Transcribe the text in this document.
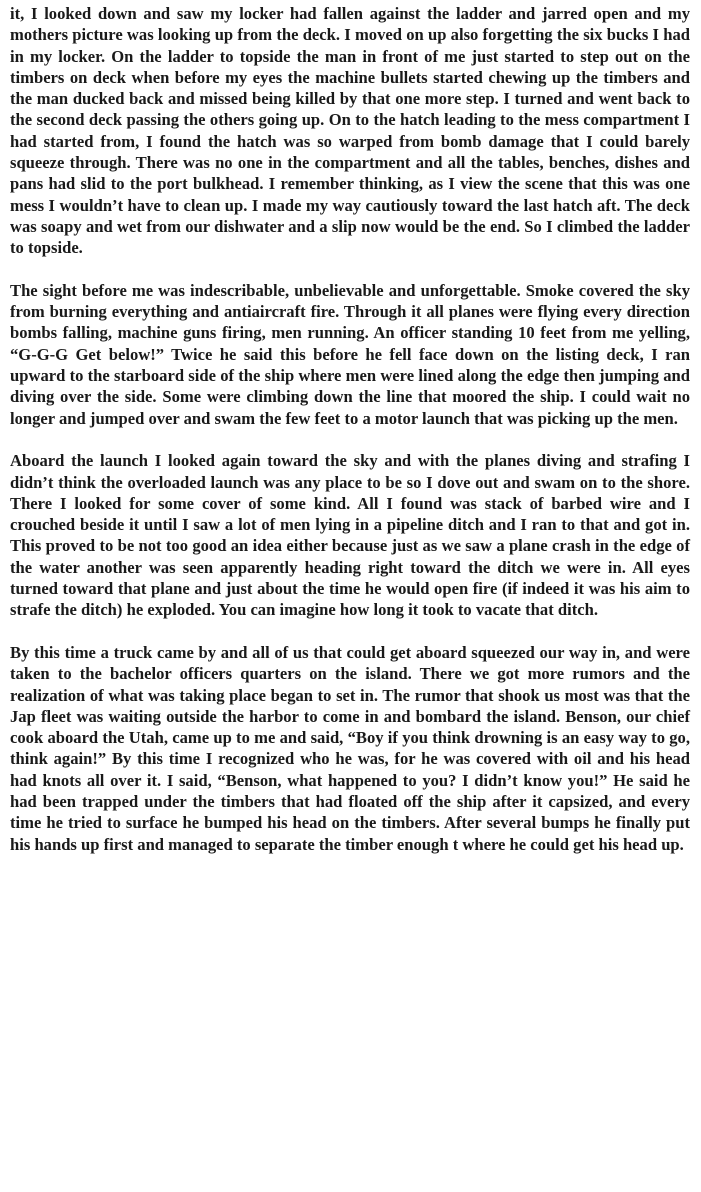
it, I looked down and saw my locker had fallen against the ladder and jarred open and my mothers picture was looking up from the deck. I moved on up also forgetting the six bucks I had in my locker. On the ladder to topside the man in front of me just started to step out on the timbers on deck when before my eyes the machine bullets started chewing up the timbers and the man ducked back and missed being killed by that one more step. I turned and went back to the second deck passing the others going up. On to the hatch leading to the mess compartment I had started from, I found the hatch was so warped from bomb damage that I could barely squeeze through. There was no one in the compartment and all the tables, benches, dishes and pans had slid to the port bulkhead. I remember thinking, as I view the scene that this was one mess I wouldn’t have to clean up. I made my way cautiously toward the last hatch aft. The deck was soapy and wet from our dishwater and a slip now would be the end. So I climbed the ladder to topside.

The sight before me was indescribable, unbelievable and unforgettable. Smoke covered the sky from burning everything and antiaircraft fire. Through it all planes were flying every direction bombs falling, machine guns firing, men running. An officer standing 10 feet from me yelling, “G-G-G Get below!” Twice he said this before he fell face down on the listing deck, I ran upward to the starboard side of the ship where men were lined along the edge then jumping and diving over the side. Some were climbing down the line that moored the ship. I could wait no longer and jumped over and swam the few feet to a motor launch that was picking up the men.

Aboard the launch I looked again toward the sky and with the planes diving and strafing I didn’t think the overloaded launch was any place to be so I dove out and swam on to the shore. There I looked for some cover of some kind. All I found was stack of barbed wire and I crouched beside it until I saw a lot of men lying in a pipeline ditch and I ran to that and got in. This proved to be not too good an idea either because just as we saw a plane crash in the edge of the water another was seen apparently heading right toward the ditch we were in. All eyes turned toward that plane and just about the time he would open fire (if indeed it was his aim to strafe the ditch) he exploded. You can imagine how long it took to vacate that ditch.

By this time a truck came by and all of us that could get aboard squeezed our way in, and were taken to the bachelor officers quarters on the island. There we got more rumors and the realization of what was taking place began to set in. The rumor that shook us most was that the Jap fleet was waiting outside the harbor to come in and bombard the island. Benson, our chief cook aboard the Utah, came up to me and said, “Boy if you think drowning is an easy way to go, think again!” By this time I recognized who he was, for he was covered with oil and his head had knots all over it. I said, “Benson, what happened to you? I didn’t know you!” He said he had been trapped under the timbers that had floated off the ship after it capsized, and every time he tried to surface he bumped his head on the timbers. After several bumps he finally put his hands up first and managed to separate the timber enough t where he could get his head up.
